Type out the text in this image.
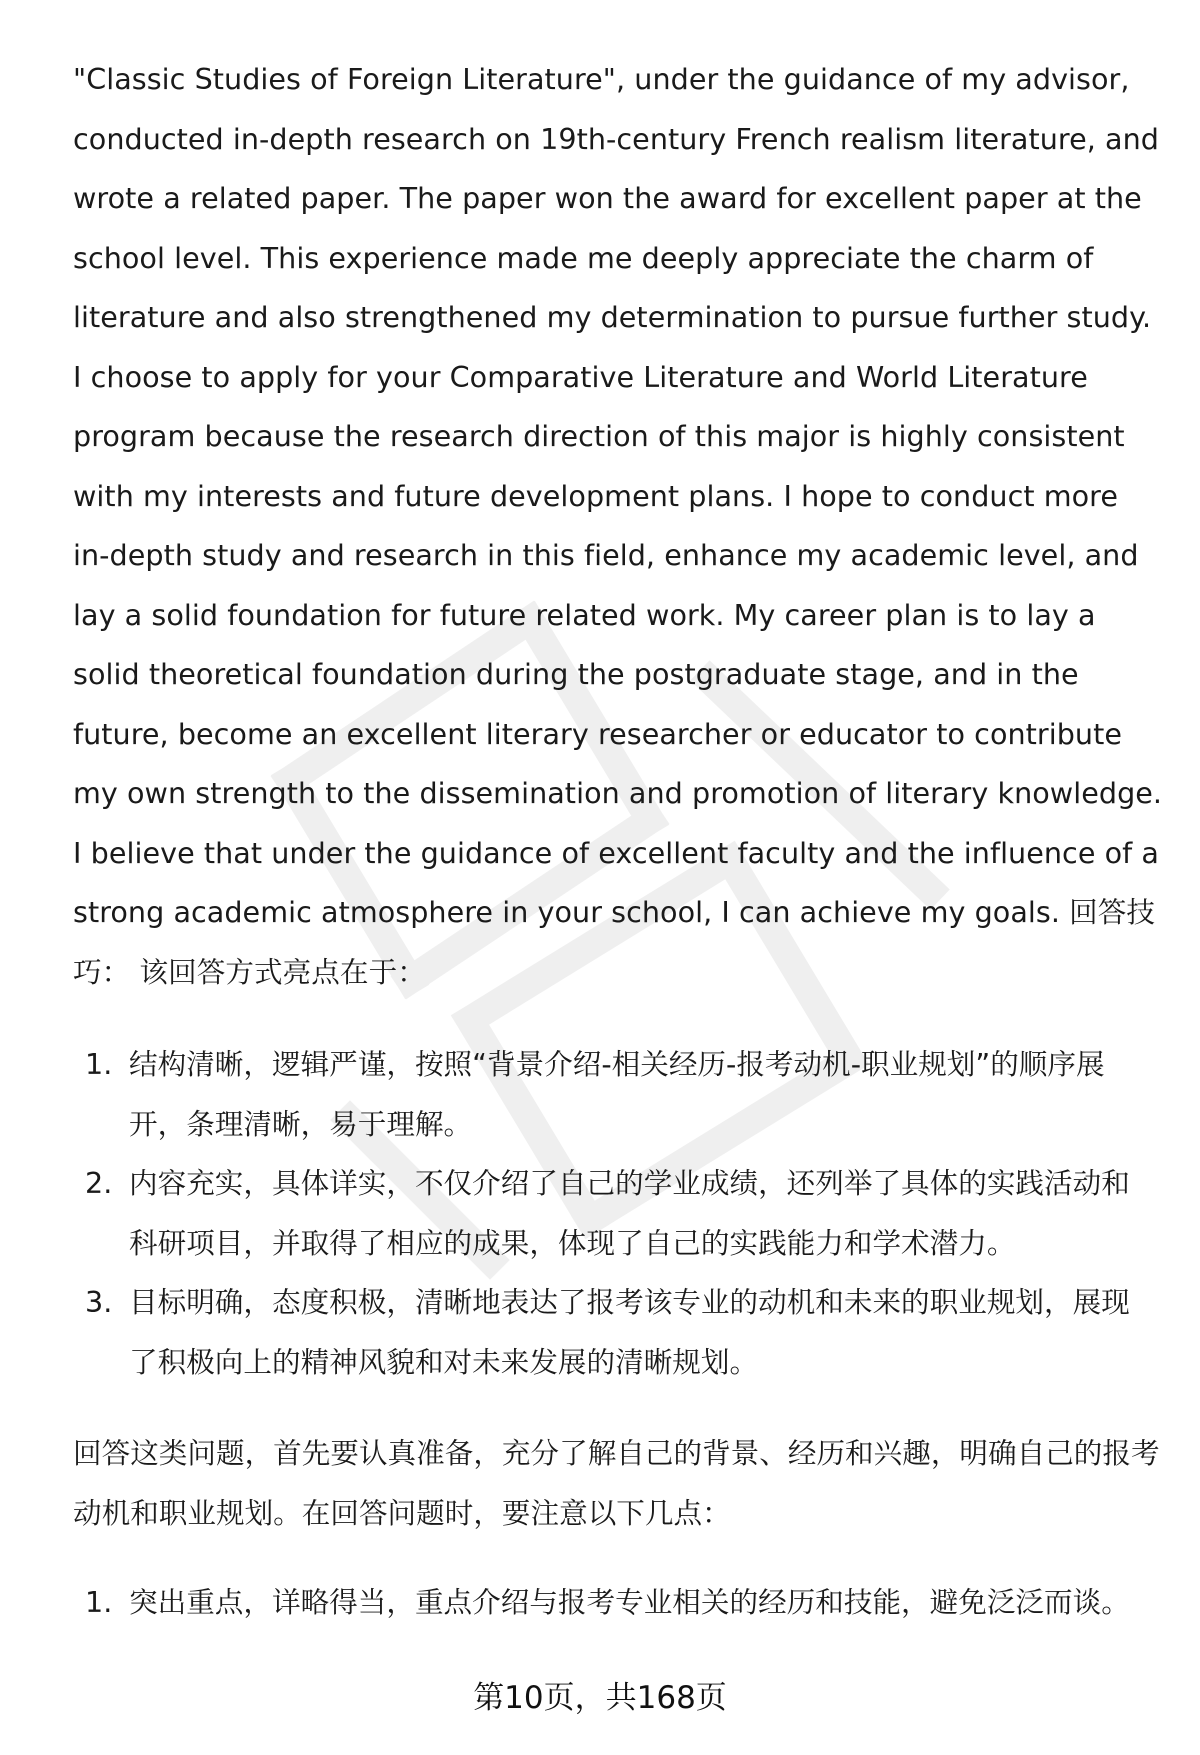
"Classic Studies of Foreign Literature", under the guidance of my advisor, conducted in-depth research on 19th-century French realism literature, and wrote a related paper. The paper won the award for excellent paper at the school level. This experience made me deeply appreciate the charm of literature and also strengthened my determination to pursue further study. I choose to apply for your Comparative Literature and World Literature program because the research direction of this major is highly consistent with my interests and future development plans. I hope to conduct more in-depth study and research in this field, enhance my academic level, and lay a solid foundation for future related work. My career plan is to lay a solid theoretical foundation during the postgraduate stage, and in the future, become an excellent literary researcher or educator to contribute my own strength to the dissemination and promotion of literary knowledge. I believe that under the guidance of excellent faculty and the influence of a strong academic atmosphere in your school, I can achieve my goals. 回答技巧： 该回答方式亮点在于：

1. 结构清晰，逻辑严谨，按照“背景介绍-相关经历-报考动机-职业规划”的顺序展开，条理清晰，易于理解。
2. 内容充实，具体详实，不仅介绍了自己的学业成绩，还列举了具体的实践活动和科研项目，并取得了相应的成果，体现了自己的实践能力和学术潜力。
3. 目标明确，态度积极，清晰地表达了报考该专业的动机和未来的职业规划，展现了积极向上的精神风貌和对未来发展的清晰规划。

回答这类问题，首先要认真准备，充分了解自己的背景、经历和兴趣，明确自己的报考动机和职业规划。在回答问题时，要注意以下几点：

1. 突出重点，详略得当，重点介绍与报考专业相关的经历和技能，避免泛泛而谈。
第10页，共168页
